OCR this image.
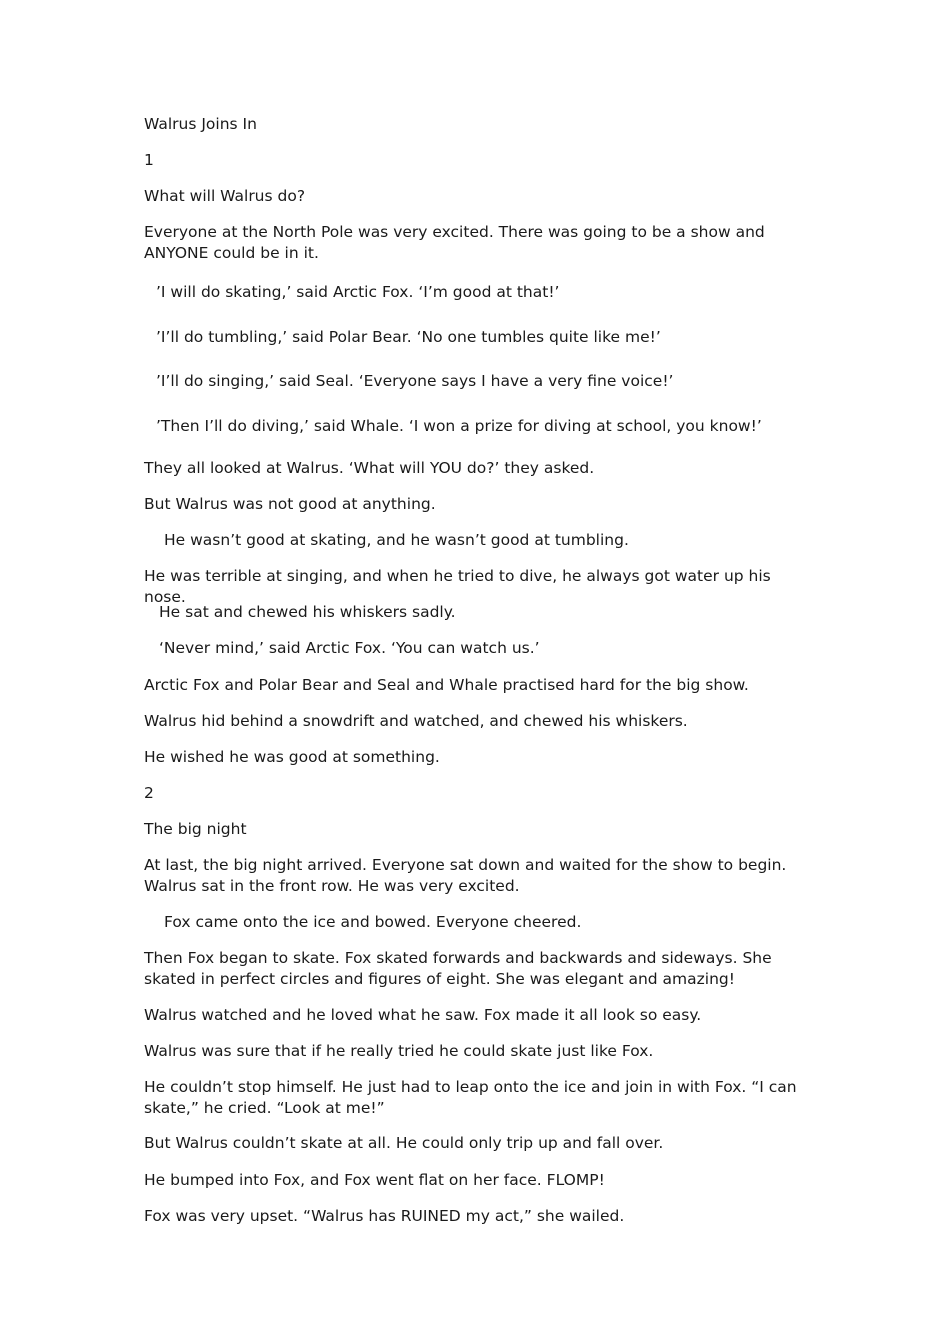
Walrus Joins In

1

What will Walrus do?

Everyone at the North Pole was very excited. There was going to be a show and ANYONE could be in it.

’I will do skating,’ said Arctic Fox. ‘I’m good at that!’

’I’ll do tumbling,’ said Polar Bear. ‘No one tumbles quite like me!’

’I’ll do singing,’ said Seal. ‘Everyone says I have a very fine voice!’

’Then I’ll do diving,’ said Whale. ‘I won a prize for diving at school, you know!’

They all looked at Walrus. ‘What will YOU do?’ they asked.

But Walrus was not good at anything.

He wasn’t good at skating, and he wasn’t good at tumbling.

He was terrible at singing, and when he tried to dive, he always got water up his nose.

He sat and chewed his whiskers sadly.

‘Never mind,’ said Arctic Fox. ‘You can watch us.’

Arctic Fox and Polar Bear and Seal and Whale practised hard for the big show.

Walrus hid behind a snowdrift and watched, and chewed his whiskers.

He wished he was good at something.

2

The big night

At last, the big night arrived. Everyone sat down and waited for the show to begin. Walrus sat in the front row. He was very excited.

Fox came onto the ice and bowed. Everyone cheered.

Then Fox began to skate. Fox skated forwards and backwards and sideways. She skated in perfect circles and figures of eight. She was elegant and amazing!

Walrus watched and he loved what he saw. Fox made it all look so easy.

Walrus was sure that if he really tried he could skate just like Fox.

He couldn’t stop himself. He just had to leap onto the ice and join in with Fox. “I can skate,” he cried. “Look at me!”

But Walrus couldn’t skate at all. He could only trip up and fall over.

He bumped into Fox, and Fox went flat on her face. FLOMP!

Fox was very upset. “Walrus has RUINED my act,” she wailed.
